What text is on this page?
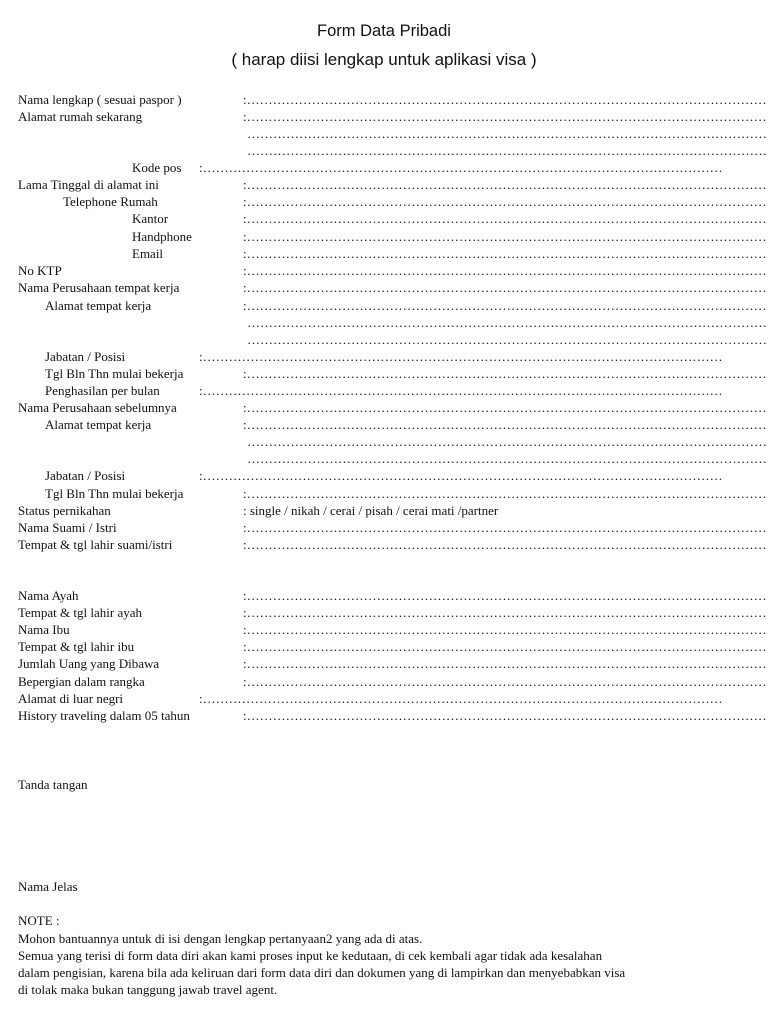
Form Data Pribadi
( harap diisi lengkap untuk aplikasi visa )
Nama lengkap ( sesuai paspor )	:…………………………………………………………………………………………………………
Alamat rumah sekarang	:…………………………………………………………………………………………………………
…………………………………………………………………………………………………………
…………………………………………………………………………………………………………
Kode pos :…………………………………………………………………………………………………………
Lama Tinggal di alamat ini	:…………………………………………………………………………………………………………
Telephone Rumah	:…………………………………………………………………………………………………………
Kantor	:…………………………………………………………………………………………………………
Handphone	:…………………………………………………………………………………………………………
Email	:…………………………………………………………………………………………………………
No KTP	:…………………………………………………………………………………………………………
Nama Perusahaan tempat kerja	:…………………………………………………………………………………………………………
Alamat tempat kerja	:…………………………………………………………………………………………………………
…………………………………………………………………………………………………………
…………………………………………………………………………………………………………
Jabatan / Posisi	:…………………………………………………………………………………………………………
Tgl Bln Thn mulai bekerja	:…………………………………………………………………………………………………………
Penghasilan per bulan	:…………………………………………………………………………………………………………
Nama Perusahaan sebelumnya	:…………………………………………………………………………………………………………
Alamat tempat kerja	:…………………………………………………………………………………………………………
…………………………………………………………………………………………………………
…………………………………………………………………………………………………………
Jabatan / Posisi	:…………………………………………………………………………………………………………
Tgl Bln Thn mulai bekerja	:…………………………………………………………………………………………………………
Status pernikahan	: single / nikah / cerai / pisah / cerai mati /partner
Nama Suami / Istri	:…………………………………………………………………………………………………………
Tempat & tgl lahir suami/istri	:…………………………………………………………………………………………………………
Nama Ayah	:…………………………………………………………………………………………………………
Tempat & tgl lahir ayah	:…………………………………………………………………………………………………………
Nama Ibu	:…………………………………………………………………………………………………………
Tempat & tgl lahir ibu	:…………………………………………………………………………………………………………
Jumlah Uang yang Dibawa	:…………………………………………………………………………………………………………
Bepergian dalam rangka	:…………………………………………………………………………………………………………
Alamat di luar negri	:…………………………………………………………………………………………………………
History traveling dalam 05 tahun	:…………………………………………………………………………………………………………
Tanda tangan
Nama Jelas
NOTE :
Mohon bantuannya untuk di isi dengan lengkap pertanyaan2 yang ada di atas.
Semua yang terisi di form data diri akan kami proses input ke kedutaan, di cek kembali agar tidak ada kesalahan
dalam pengisian, karena bila ada keliruan dari form data diri dan dokumen yang di lampirkan dan menyebabkan visa
di tolak maka bukan tanggung jawab travel agent.
